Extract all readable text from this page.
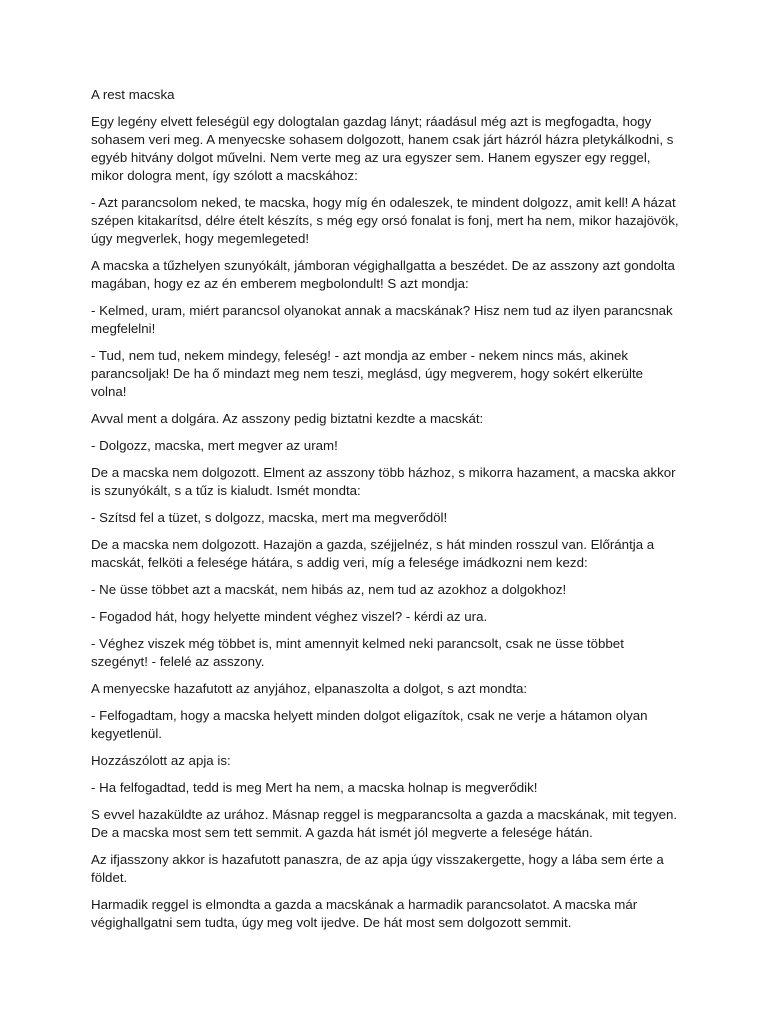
A rest macska

Egy legény elvett feleségül egy dologtalan gazdag lányt; ráadásul még azt is megfogadta, hogy sohasem veri meg. A menyecske sohasem dolgozott, hanem csak járt házról házra pletykálkodni, s egyéb hitvány dolgot művelni. Nem verte meg az ura egyszer sem. Hanem egyszer egy reggel, mikor dologra ment, így szólott a macskához:

- Azt parancsolom neked, te macska, hogy míg én odaleszek, te mindent dolgozz, amit kell! A házat szépen kitakarítsd, délre ételt készíts, s még egy orsó fonalat is fonj, mert ha nem, mikor hazajövök, úgy megverlek, hogy megemlegeted!

A macska a tűzhelyen szunyókált, jámboran végighallgatta a beszédet. De az asszony azt gondolta magában, hogy ez az én emberem megbolondult! S azt mondja:

- Kelmed, uram, miért parancsol olyanokat annak a macskának? Hisz nem tud az ilyen parancsnak megfelelni!

- Tud, nem tud, nekem mindegy, feleség! - azt mondja az ember - nekem nincs más, akinek parancsoljak! De ha ő mindazt meg nem teszi, meglásd, úgy megverem, hogy sokért elkerülte volna!

Avval ment a dolgára. Az asszony pedig biztatni kezdte a macskát:

- Dolgozz, macska, mert megver az uram!

De a macska nem dolgozott. Elment az asszony több házhoz, s mikorra hazament, a macska akkor is szunyókált, s a tűz is kialudt. Ismét mondta:

- Szítsd fel a tüzet, s dolgozz, macska, mert ma megverődöl!

De a macska nem dolgozott. Hazajön a gazda, széjjelnéz, s hát minden rosszul van. Előrántja a macskát, felköti a felesége hátára, s addig veri, míg a felesége imádkozni nem kezd:

- Ne üsse többet azt a macskát, nem hibás az, nem tud az azokhoz a dolgokhoz!

- Fogadod hát, hogy helyette mindent véghez viszel? - kérdi az ura.

- Véghez viszek még többet is, mint amennyit kelmed neki parancsolt, csak ne üsse többet szegényt! - felelé az asszony.

A menyecske hazafutott az anyjához, elpanaszolta a dolgot, s azt mondta:

- Felfogadtam, hogy a macska helyett minden dolgot eligazítok, csak ne verje a hátamon olyan kegyetlenül.

Hozzászólott az apja is:

- Ha felfogadtad, tedd is meg Mert ha nem, a macska holnap is megverődik!

S evvel hazaküldte az urához. Másnap reggel is megparancsolta a gazda a macskának, mit tegyen. De a macska most sem tett semmit. A gazda hát ismét jól megverte a felesége hátán.

Az ifjasszony akkor is hazafutott panaszra, de az apja úgy visszakergette, hogy a lába sem érte a földet.

Harmadik reggel is elmondta a gazda a macskának a harmadik parancsolatot. A macska már végighallgatni sem tudta, úgy meg volt ijedve. De hát most sem dolgozott semmit.
